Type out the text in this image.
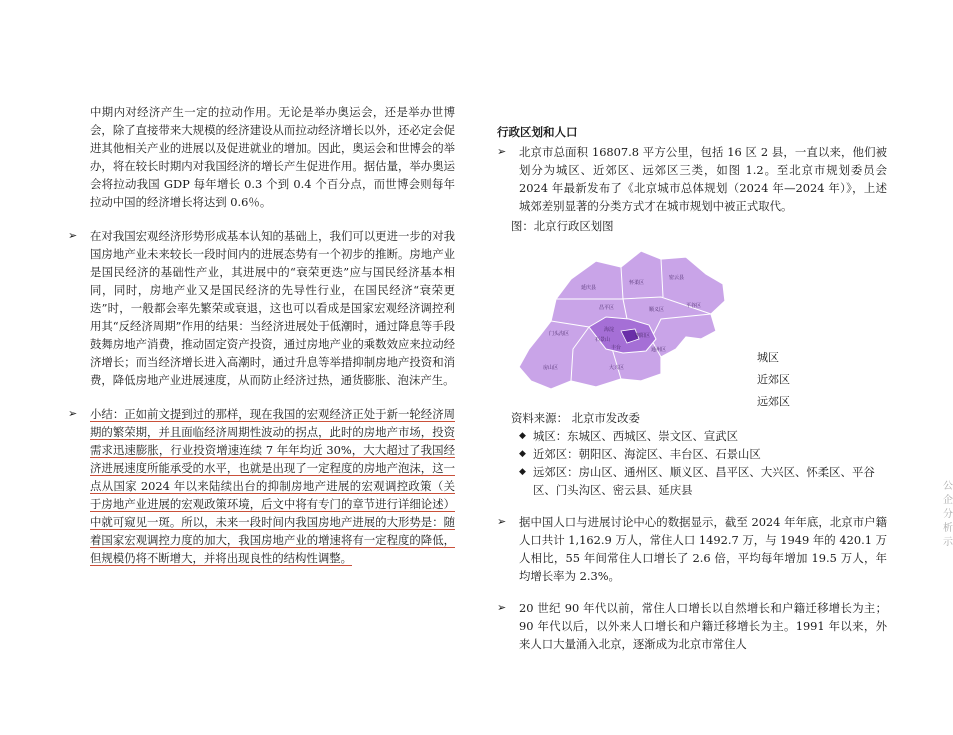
中期内对经济产生一定的拉动作用。无论是举办奥运会，还是举办世博会，除了直接带来大规模的经济建设从而拉动经济增长以外，还必定会促进其他相关产业的进展以及促进就业的增加。因此，奥运会和世博会的举办，将在较长时期内对我国经济的增长产生促进作用。据估量，举办奥运会将拉动我国 GDP 每年增长 0.3 个到 0.4 个百分点，而世博会则每年拉动中国的经济增长将达到 0.6％。

➢ 在对我国宏观经济形势形成基本认知的基础上，我们可以更进一步的对我国房地产业未来较长一段时间内的进展态势有一个初步的推断。房地产业是国民经济的基础性产业，其进展中的“衰荣更迭”应与国民经济基本相同，同时，房地产业又是国民经济的先导性行业，在国民经济“衰荣更迭”时，一般都会率先繁荣或衰退，这也可以看成是国家宏观经济调控利用其“反经济周期”作用的结果：当经济进展处于低潮时，通过降息等手段鼓舞房地产消费，推动固定资产投资，通过房地产业的乘数效应来拉动经济增长；而当经济增长进入高潮时，通过升息等举措抑制房地产投资和消费，降低房地产业进展速度，从而防止经济过热，通货膨胀、泡沫产生。

➢ 小结：正如前文提到过的那样，现在我国的宏观经济正处于新一轮经济周期的繁荣期，并且面临经济周期性波动的拐点，此时的房地产市场，投资需求迅速膨胀，行业投资增速连续 7 年年均近 30%，大大超过了我国经济进展速度所能承受的水平，也就是出现了一定程度的房地产泡沫，这一点从国家 2024 年以来陆续出台的抑制房地产进展的宏观调控政策（关于房地产业进展的宏观政策环境，后文中将有专门的章节进行详细论述）中就可窥见一斑。所以，未来一段时间内我国房地产进展的大形势是：随着国家宏观调控力度的加大，我国房地产业的增速将有一定程度的降低，但规模仍将不断增大，并将出现良性的结构性调整。

行政区划和人口
➢ 北京市总面积 16807.8 平方公里，包括 16 区 2 县，一直以来，他们被划分为城区、近郊区、远郊区三类，如图 1.2。至北京市规划委员会 2024 年最新发布了《北京城市总体规划（2024 年—2024 年）》，上述城郊差别显著的分类方式才在城市规划中被正式取代。

图：北京行政区划图
延庆县
怀柔区
密云县
昌平区	顺义区
平谷区
门头沟区
海淀
朝阳区
石景山
丰台
房山区	大兴区
通州区
城区
近郊区
远郊区
资料来源： 北京市发改委
◆ 城区：东城区、西城区、崇文区、宣武区
◆ 近郊区：朝阳区、海淀区、丰台区、石景山区
◆ 远郊区：房山区、通州区、顺义区、昌平区、大兴区、怀柔区、平谷区、门头沟区、密云县、延庆县
➢ 据中国人口与进展讨论中心的数据显示，截至 2024 年年底，北京市户籍人口共计 1,162.9 万人，常住人口 1492.7 万，与 1949 年的 420.1 万人相比，55 年间常住人口增长了 2.6 倍，平均每年增加 19.5 万人，年均增长率为 2.3%。

➢ 20 世纪 90 年代以前，常住人口增长以自然增长和户籍迁移增长为主；90 年代以后，以外来人口增长和户籍迁移增长为主。1991 年以来，外来人口大量涌入北京，逐渐成为北京市常住人

公 企 分 析 示
